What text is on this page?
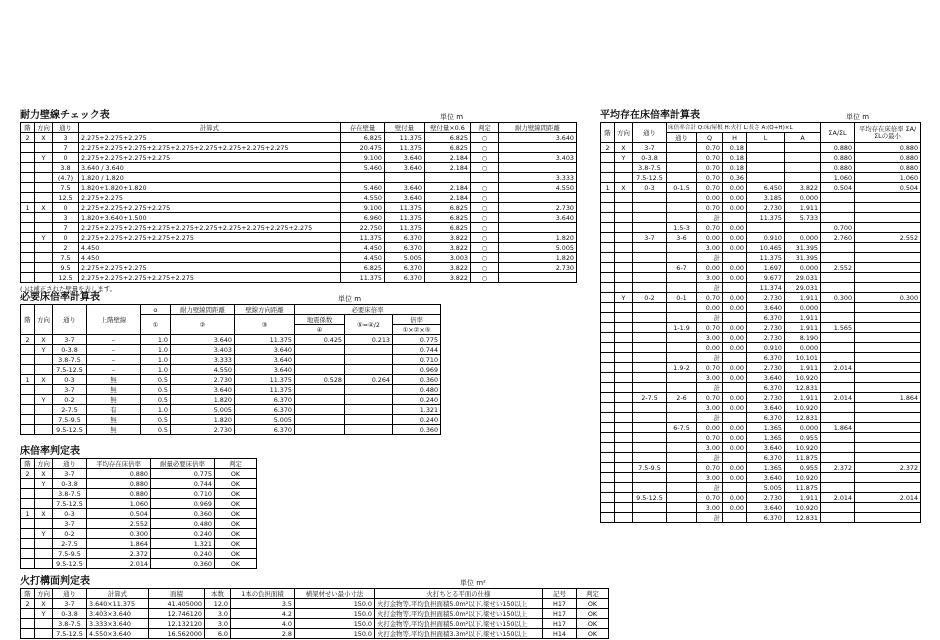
耐力壁線チェック表	単位 m
階	方向	通り	計算式	存在壁量	壁付量	壁付量×0.6	判定	耐力壁線間距離
2	X	3	2.275+2.275+2.275	6.825	11.375	6.825	○	3.640
		7	2.275+2.275+2.275+2.275+2.275+2.275+2.275+2.275+2.275	20.475	11.375	6.825	○	
	Y	0	2.275+2.275+2.275+2.275	9.100	3.640	2.184	○	3.403
		3.8	3.640 / 3.640	5.460	3.640	2.184	○	
		(4.7)	1.820 / 1.820					3.333
		7.5	1.820+1.820+1.820	5.460	3.640	2.184	○	4.550
		12.5	2.275+2.275	4.550	3.640	2.184	○	
1	X	0	2.275+2.275+2.275+2.275	9.100	11.375	6.825	○	2.730
		3	1.820+3.640+1.500	6.960	11.375	6.825	○	3.640
		7	2.275+2.275+2.275+2.275+2.275+2.275+2.275+2.275+2.275+2.275	22.750	11.375	6.825	○	
	Y	0	2.275+2.275+2.275+2.275+2.275	11.375	6.370	3.822	○	1.820
		2	4.450	4.450	6.370	3.822	○	5.005
		7.5	4.450	4.450	5.005	3.003	○	1.820
		9.5	2.275+2.275+2.275	6.825	6.370	3.822	○	2.730
		12.5	2.275+2.275+2.275+2.275+2.275	11.375	6.370	3.822	○	
( )は補正された壁量を表します。
必要床倍率計算表	単位 m
階	方向	通り	上階壁線	α	耐力壁線間距離	壁線方向距離	必要床倍率		
				①	②	③	地震係数	⑤=④/2	倍率
							④		①×②×⑤
2	X	3-7	–	1.0	3.640	11.375	0.425	0.213	0.775
	Y	0-3.8	–	1.0	3.403	3.640			0.744
		3.8-7.5	–	1.0	3.333	3.640			0.710
		7.5-12.5	–	1.0	4.550	3.640			0.969
1	X	0-3	無	0.5	2.730	11.375	0.528	0.264	0.360
		3-7	無	0.5	3.640	11.375			0.480
	Y	0-2	無	0.5	1.820	6.370			0.240
		2-7.5	有	1.0	5.005	6.370			1.321
		7.5-9.5	無	0.5	1.820	5.005			0.240
		9.5-12.5	無	0.5	2.730	6.370			0.360
床倍率判定表
階	方向	通り	平均存在床倍率	耐量必要床倍率	判定
2	X	3-7	0.880	0.775	OK
	Y	0-3.8	0.880	0.744	OK
		3.8-7.5	0.880	0.710	OK
		7.5-12.5	1.060	0.969	OK
1	X	0-3	0.504	0.360	OK
		3-7	2.552	0.480	OK
	Y	0-2	0.300	0.240	OK
		2-7.5	1.864	1.321	OK
		7.5-9.5	2.372	0.240	OK
		9.5-12.5	2.014	0.360	OK
火打構面判定表	単位 m²
階	方向	通り	計算式	面積	本数	1本の負担面積	横架材せい最小寸法	火打ちとる平面の仕様	記号	判定
2	X	3-7	3.640×11.375	41.405000	12.0	3.5	150.0	火打金物等,平均負担面積5.0m²以下,梁せい150以上	H17	OK
	Y	0-3.8	3.403×3.640	12.746120	3.0	4.2	150.0	火打金物等,平均負担面積5.0m²以下,梁せい150以上	H17	OK
		3.8-7.5	3.333×3.640	12.132120	3.0	4.0	150.0	火打金物等,平均負担面積5.0m²以下,梁せい150以上	H17	OK
		7.5-12.5	4.550×3.640	16.562000	6.0	2.8	150.0	火打金物等,平均負担面積3.3m²以下,梁せい150以上	H14	OK
平均存在床倍率計算表	単位 m
階	方向	通り	床倍率合計 Q:床/屋根 H:火打 L:長さ A:(Q+H)×L					ΣA/ΣL	平均存在床倍率 ΣA/ΣLの最小
			通り	Q	H	L	A		
2	X	3-7		0.70	0.18			0.880	0.880
	Y	0-3.8		0.70	0.18			0.880	0.880
		3.8-7.5		0.70	0.18			0.880	0.880
		7.5-12.5		0.70	0.36			1.060	1.060
1	X	0-3	0-1.5	0.70	0.00	6.450	3.822	0.504	0.504
				0.00	0.00	3.185	0.000		
				0.70	0.00	2.730	1.911		
				計		11.375	5.733		
			1.5-3	0.70	0.00			0.700	
		3-7	3-6	0.00	0.00	0.910	0.000	2.760	2.552
				3.00	0.00	10.465	31.395		
				計		11.375	31.395		
			6-7	0.00	0.00	1.697	0.000	2.552	
				3.00	0.00	9.677	29.031		
				計		11.374	29.031		
	Y	0-2	0-1	0.70	0.00	2.730	1.911	0.300	0.300
				0.00	0.00	3.640	0.000		
				計		6.370	1.911		
			1-1.9	0.70	0.00	2.730	1.911	1.565	
				3.00	0.00	2.730	8.190		
				0.00	0.00	0.910	0.000		
				計		6.370	10.101		
			1.9-2	0.70	0.00	2.730	1.911	2.014	
				3.00	0.00	3.640	10.920		
				計		6.370	12.831		
		2-7.5	2-6	0.70	0.00	2.730	1.911	2.014	1.864
				3.00	0.00	3.640	10.920		
				計		6.370	12.831		
			6-7.5	0.00	0.00	1.365	0.000	1.864	
				0.70	0.00	1.365	0.955		
				3.00	0.00	3.640	10.920		
				計		6.370	11.875		
		7.5-9.5		0.70	0.00	1.365	0.955	2.372	2.372
				3.00	0.00	3.640	10.920		
				計		5.005	11.875		
		9.5-12.5		0.70	0.00	2.730	1.911	2.014	2.014
				3.00	0.00	3.640	10.920		
				計		6.370	12.831		
